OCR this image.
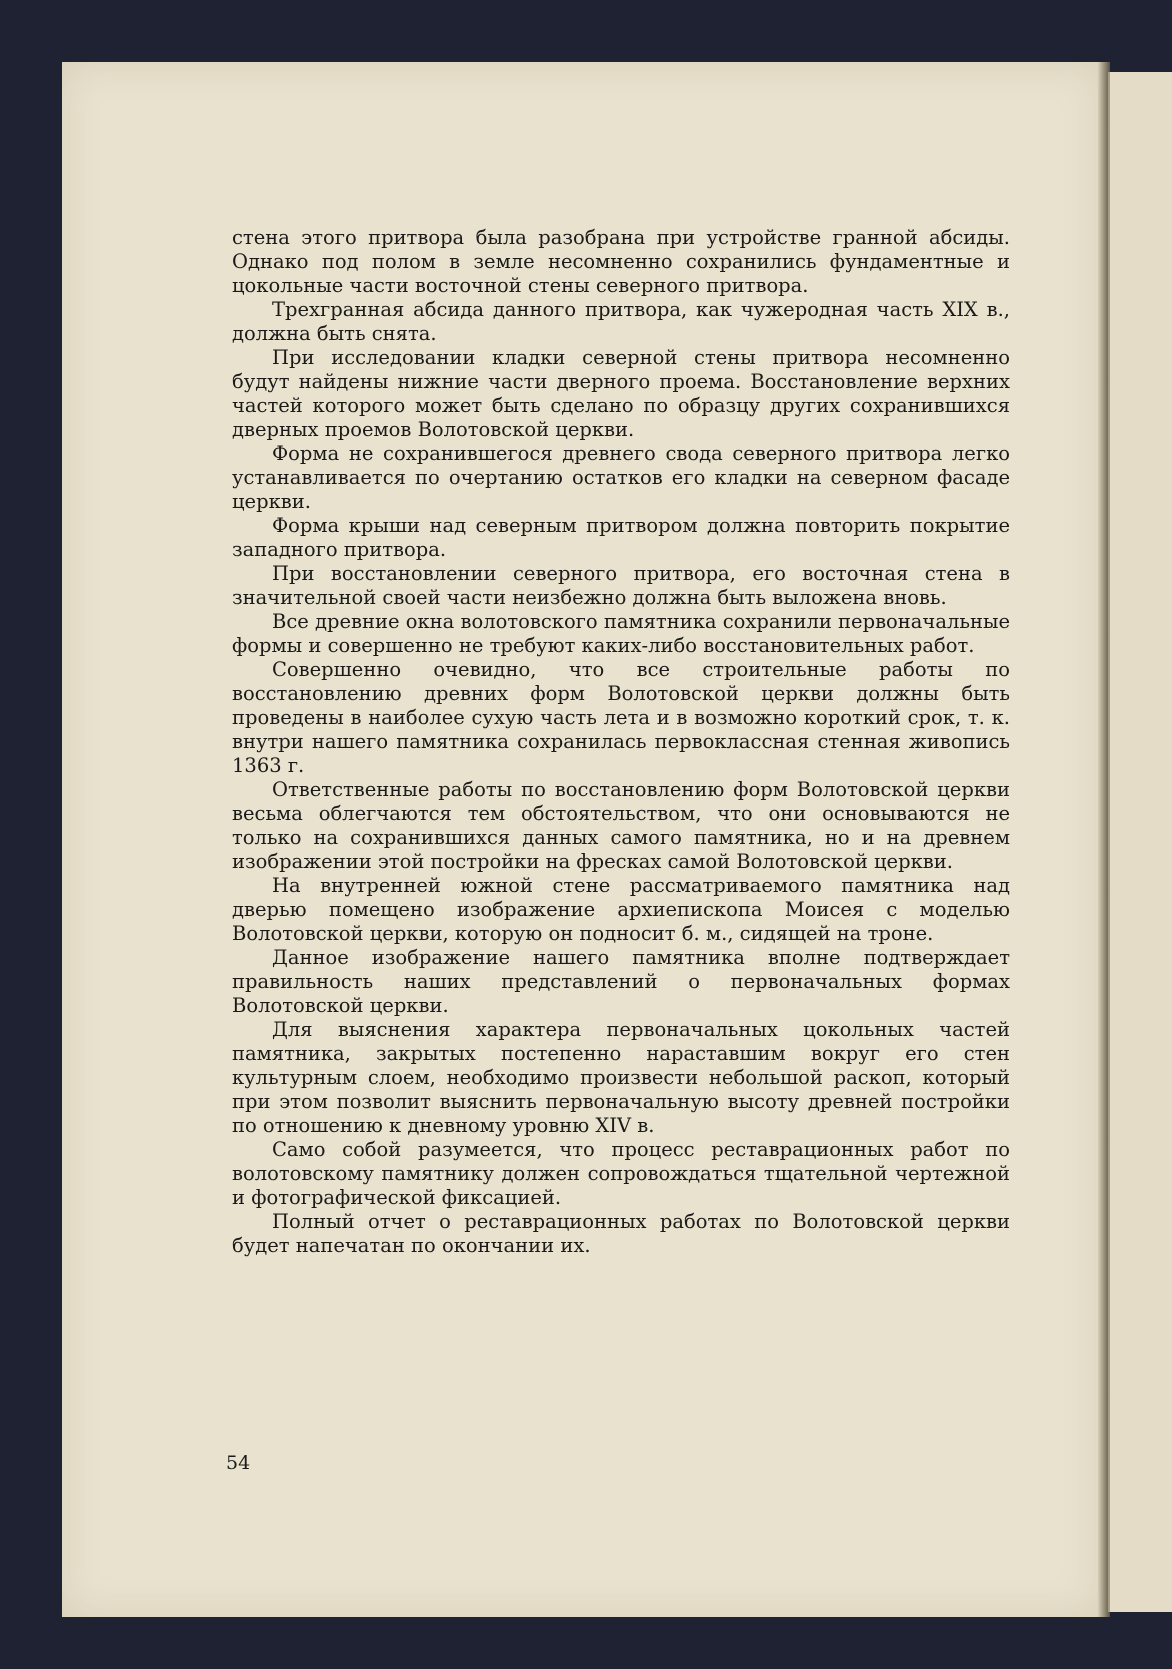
стена этого притвора была разобрана при устройстве гранной абсиды. Однако под полом в земле несомненно сохранились фундаментные и цокольные части восточной стены северного притвора.

Трехгранная абсида данного притвора, как чужеродная часть XIX в., должна быть снята.

При исследовании кладки северной стены притвора несомненно будут найдены нижние части дверного проема. Восстановление верхних частей которого может быть сделано по образцу других сохранившихся дверных проемов Волотовской церкви.

Форма не сохранившегося древнего свода северного притвора легко устанавливается по очертанию остатков его кладки на северном фасаде церкви.

Форма крыши над северным притвором должна повторить покрытие западного притвора.

При восстановлении северного притвора, его восточная стена в значительной своей части неизбежно должна быть выложена вновь.

Все древние окна волотовского памятника сохранили первоначальные формы и совершенно не требуют каких-либо восстановительных работ.

Совершенно очевидно, что все строительные работы по восстановлению древних форм Волотовской церкви должны быть проведены в наиболее сухую часть лета и в возможно короткий срок, т. к. внутри нашего памятника сохранилась первоклассная стенная живопись 1363 г.

Ответственные работы по восстановлению форм Волотовской церкви весьма облегчаются тем обстоятельством, что они основываются не только на сохранившихся данных самого памятника, но и на древнем изображении этой постройки на фресках самой Волотовской церкви.

На внутренней южной стене рассматриваемого памятника над дверью помещено изображение архиепископа Моисея с моделью Волотовской церкви, которую он подносит б. м., сидящей на троне.

Данное изображение нашего памятника вполне подтверждает правильность наших представлений о первоначальных формах Волотовской церкви.

Для выяснения характера первоначальных цокольных частей памятника, закрытых постепенно нараставшим вокруг его стен культурным слоем, необходимо произвести небольшой раскоп, который при этом позволит выяснить первоначальную высоту древней постройки по отношению к дневному уровню XIV в.

Само собой разумеется, что процесс реставрационных работ по волотовскому памятнику должен сопровождаться тщательной чертежной и фотографической фиксацией.

Полный отчет о реставрационных работах по Волотовской церкви будет напечатан по окончании их.

54
